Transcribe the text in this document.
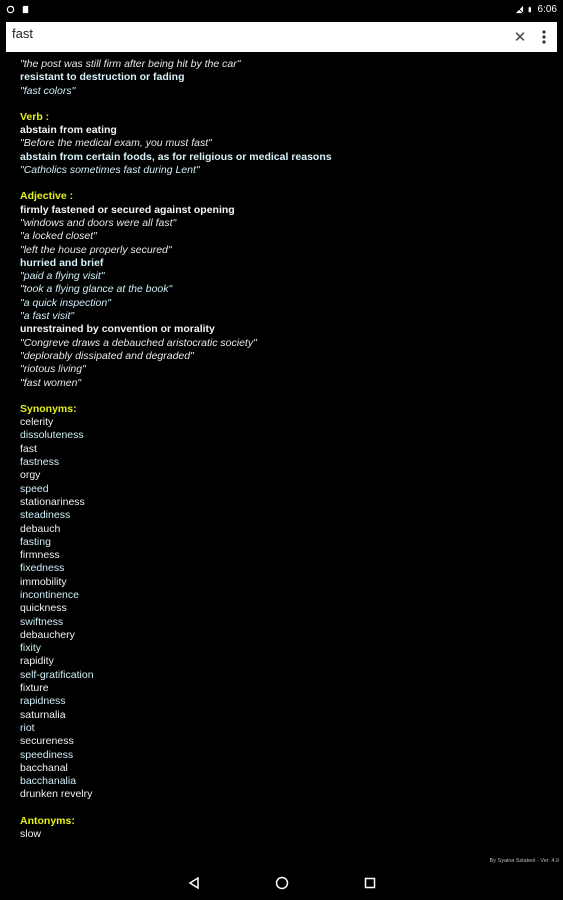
6:06
fast
✕
"the post was still firm after being hit by the car"
resistant to destruction or fading
"fast colors"
Verb :
abstain from eating
"Before the medical exam, you must fast"
abstain from certain foods, as for religious or medical reasons
"Catholics sometimes fast during Lent"
Adjective :
firmly fastened or secured against opening
"windows and doors were all fast"
"a locked closet"
"left the house properly secured"
hurried and brief
"paid a flying visit"
"took a flying glance at the book"
"a quick inspection"
"a fast visit"
unrestrained by convention or morality
"Congreve draws a debauched aristocratic society"
"deplorably dissipated and degraded"
"riotous living"
"fast women"
Synonyms:
celerity
dissoluteness
fast
fastness
orgy
speed
stationariness
steadiness
debauch
fasting
firmness
fixedness
immobility
incontinence
quickness
swiftness
debauchery
fixity
rapidity
self-gratification
fixture
rapidness
saturnalia
riot
secureness
speediness
bacchanal
bacchanalia
drunken revelry
Antonyms:
slow
By Syaina Sslateol - Ver. 4.9
